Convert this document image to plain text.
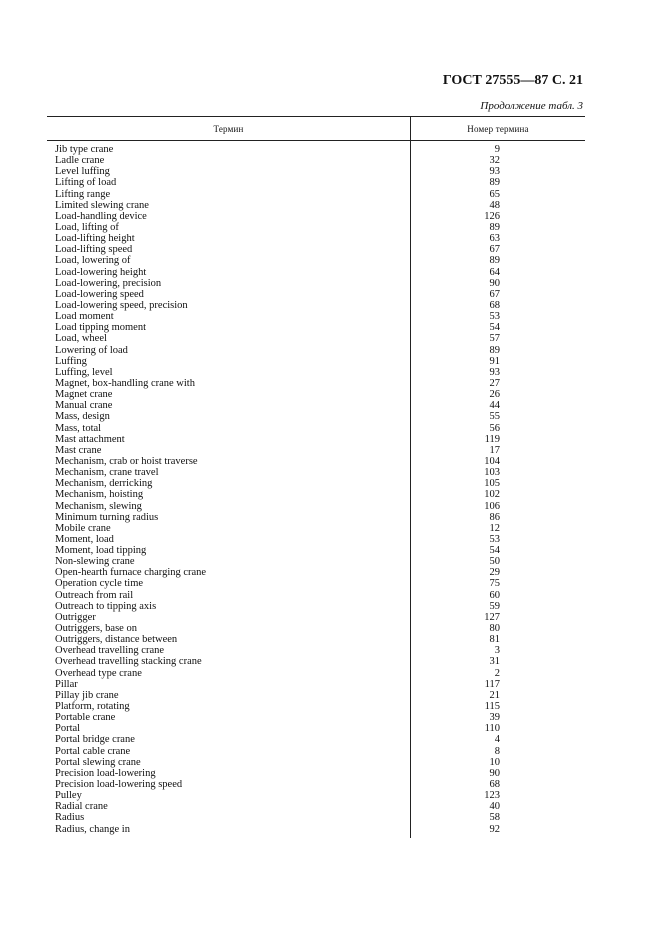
ГОСТ 27555—87 С. 21
Продолжение табл. 3
Термин	Номер термина
Jib type crane	9
Ladle crane	32
Level luffing	93
Lifting of load	89
Lifting range	65
Limited slewing crane	48
Load-handling device	126
Load, lifting of	89
Load-lifting height	63
Load-lifting speed	67
Load, lowering of	89
Load-lowering height	64
Load-lowering, precision	90
Load-lowering speed	67
Load-lowering speed, precision	68
Load moment	53
Load tipping moment	54
Load, wheel	57
Lowering of load	89
Luffing	91
Luffing, level	93
Magnet, box-handling crane with	27
Magnet crane	26
Manual crane	44
Mass, design	55
Mass, total	56
Mast attachment	119
Mast crane	17
Mechanism, crab or hoist traverse	104
Mechanism, crane travel	103
Mechanism, derricking	105
Mechanism, hoisting	102
Mechanism, slewing	106
Minimum turning radius	86
Mobile crane	12
Moment, load	53
Moment, load tipping	54
Non-slewing crane	50
Open-hearth furnace charging crane	29
Operation cycle time	75
Outreach from rail	60
Outreach to tipping axis	59
Outrigger	127
Outriggers, base on	80
Outriggers, distance between	81
Overhead travelling crane	3
Overhead travelling stacking crane	31
Overhead type crane	2
Pillar	117
Pillay jib crane	21
Platform, rotating	115
Portable crane	39
Portal	110
Portal bridge crane	4
Portal cable crane	8
Portal slewing crane	10
Precision load-lowering	90
Precision load-lowering speed	68
Pulley	123
Radial crane	40
Radius	58
Radius, change in	92
